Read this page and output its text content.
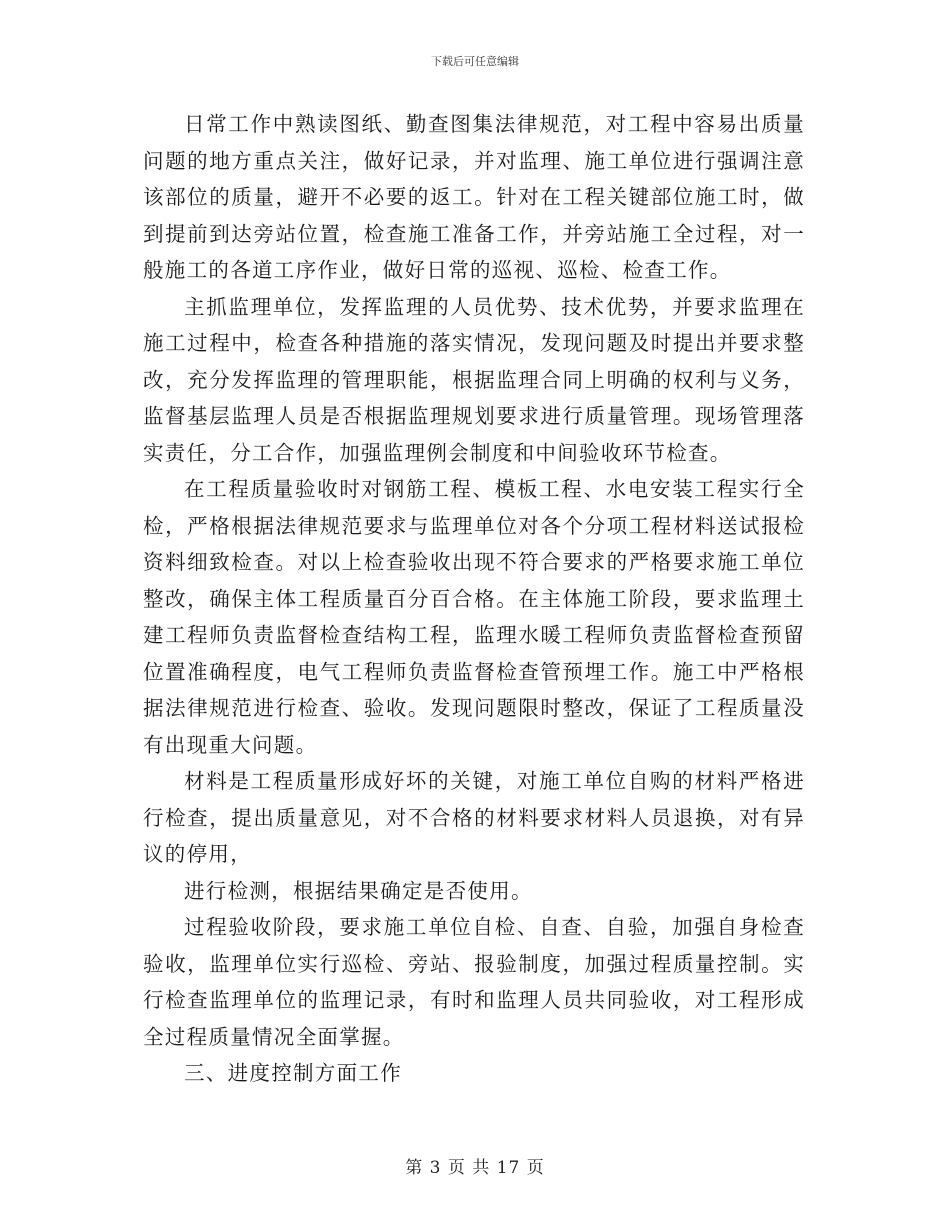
下载后可任意编辑

日常工作中熟读图纸、勤查图集法律规范，对工程中容易出质量问题的地方重点关注，做好记录，并对监理、施工单位进行强调注意该部位的质量，避开不必要的返工。针对在工程关键部位施工时，做到提前到达旁站位置，检查施工准备工作，并旁站施工全过程，对一般施工的各道工序作业，做好日常的巡视、巡检、检查工作。

主抓监理单位，发挥监理的人员优势、技术优势，并要求监理在施工过程中，检查各种措施的落实情况，发现问题及时提出并要求整改，充分发挥监理的管理职能，根据监理合同上明确的权利与义务，监督基层监理人员是否根据监理规划要求进行质量管理。现场管理落实责任，分工合作，加强监理例会制度和中间验收环节检查。

在工程质量验收时对钢筋工程、模板工程、水电安装工程实行全检，严格根据法律规范要求与监理单位对各个分项工程材料送试报检资料细致检查。对以上检查验收出现不符合要求的严格要求施工单位整改，确保主体工程质量百分百合格。在主体施工阶段，要求监理土建工程师负责监督检查结构工程，监理水暖工程师负责监督检查预留位置准确程度，电气工程师负责监督检查管预埋工作。施工中严格根据法律规范进行检查、验收。发现问题限时整改，保证了工程质量没有出现重大问题。

材料是工程质量形成好坏的关键，对施工单位自购的材料严格进行检查，提出质量意见，对不合格的材料要求材料人员退换，对有异议的停用，

进行检测，根据结果确定是否使用。

过程验收阶段，要求施工单位自检、自查、自验，加强自身检查验收，监理单位实行巡检、旁站、报验制度，加强过程质量控制。实行检查监理单位的监理记录，有时和监理人员共同验收，对工程形成全过程质量情况全面掌握。

三、进度控制方面工作

第 3 页 共 17 页
